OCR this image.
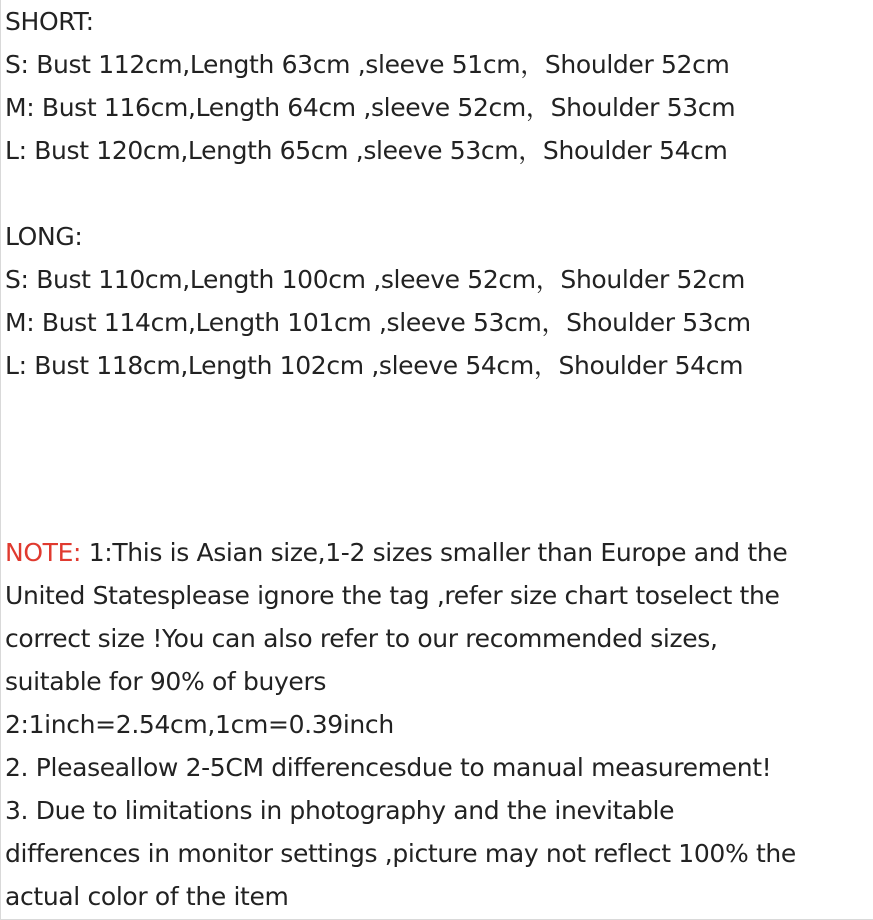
SHORT:
S: Bust 112cm,Length 63cm ,sleeve 51cm，Shoulder 52cm
M: Bust 116cm,Length 64cm ,sleeve 52cm，Shoulder 53cm
L: Bust 120cm,Length 65cm ,sleeve 53cm，Shoulder 54cm
LONG:
S: Bust 110cm,Length 100cm ,sleeve 52cm，Shoulder 52cm
M: Bust 114cm,Length 101cm ,sleeve 53cm，Shoulder 53cm
L: Bust 118cm,Length 102cm ,sleeve 54cm，Shoulder 54cm
NOTE: 1:This is Asian size,1-2 sizes smaller than Europe and the
United Statesplease ignore the tag ,refer size chart toselect the
correct size !You can also refer to our recommended sizes,
suitable for 90% of buyers
2:1inch=2.54cm,1cm=0.39inch
2. Pleaseallow 2-5CM differencesdue to manual measurement!
3. Due to limitations in photography and the inevitable
differences in monitor settings ,picture may not reflect 100% the
actual color of the item
